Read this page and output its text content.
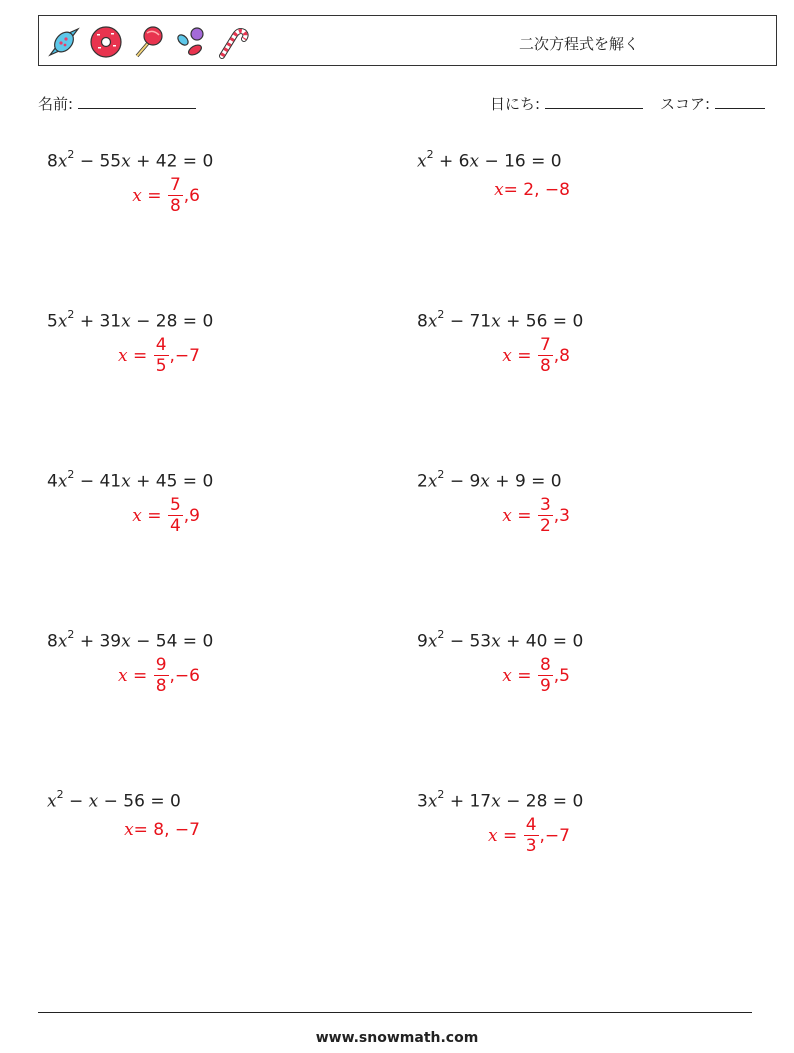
二次方程式を解く
名前:	日にち:	スコア:
$8x^2 - 55x + 42 = 0$
$x = \frac{7}{8} ,6$
$x^2 + 6x - 16 = 0$
x = 2, −8
$5x^2 + 31x - 28 = 0$
$x = \frac{4}{5} ,-7$
$8x^2 - 71x + 56 = 0$
$x = \frac{7}{8} ,8$
$4x^2 - 41x + 45 = 0$
$x = \frac{5}{4} ,9$
$2x^2 - 9x + 9 = 0$
$x = \frac{3}{2} ,3$
$8x^2 + 39x - 54 = 0$
$x = \frac{9}{8} ,-6$
$9x^2 - 53x + 40 = 0$
$x = \frac{8}{9} ,5$
$x^2 - x - 56 = 0$
x = 8, −7
$3x^2 + 17x - 28 = 0$
$x = \frac{4}{3} ,-7$
www.snowmath.com
